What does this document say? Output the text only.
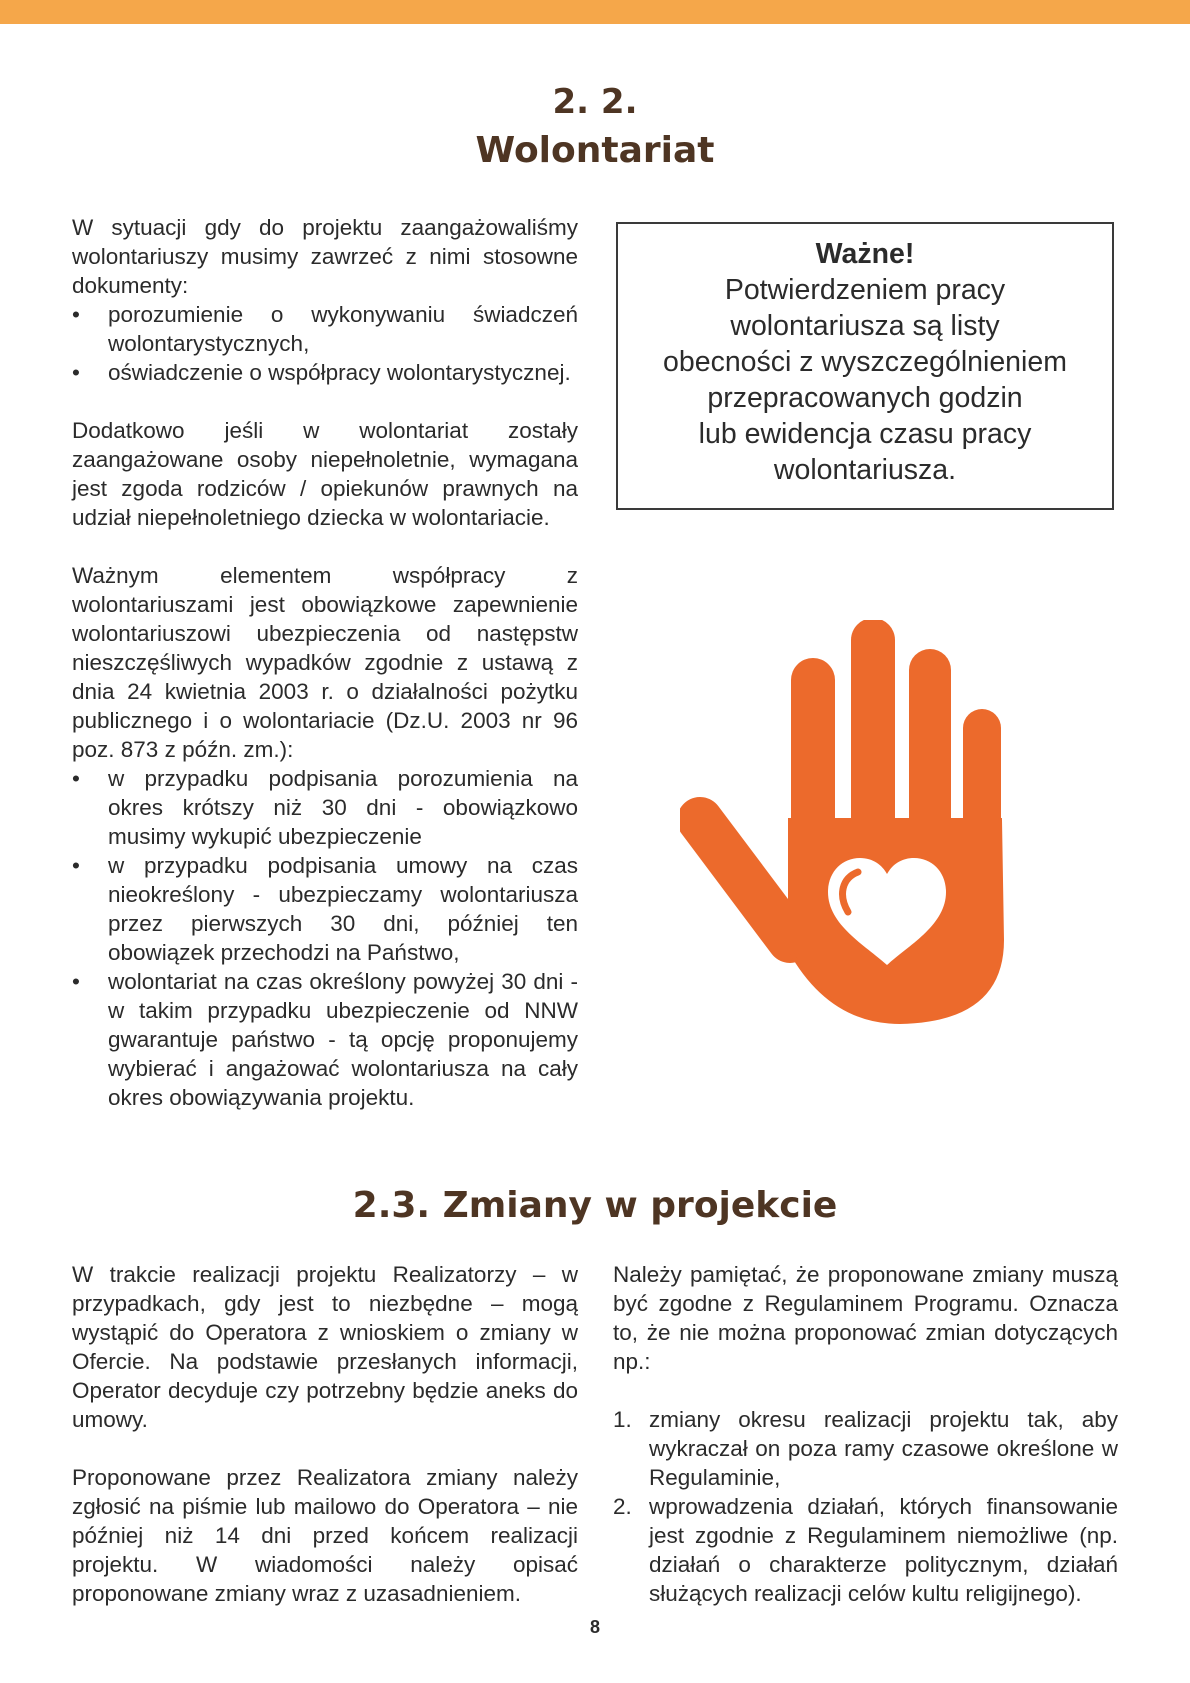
2. 2.
Wolontariat

W sytuacji gdy do projektu zaangażowaliśmy wolontariuszy musimy zawrzeć z nimi stosowne dokumenty:

• porozumienie o wykonywaniu świadczeń wolontarystycznych,
• oświadczenie o współpracy wolontarystycznej.

Dodatkowo jeśli w wolontariat zostały zaangażowane osoby niepełnoletnie, wymagana jest zgoda rodziców / opiekunów prawnych na udział niepełnoletniego dziecka w wolontariacie.

Ważnym elementem współpracy z wolontariuszami jest obowiązkowe zapewnienie wolontariuszowi ubezpieczenia od następstw nieszczęśliwych wypadków zgodnie z ustawą z dnia 24 kwietnia 2003 r. o działalności pożytku publicznego i o wolontariacie (Dz.U. 2003 nr 96 poz. 873 z późn. zm.):

• w przypadku podpisania porozumienia na okres krótszy niż 30 dni - obowiązkowo musimy wykupić ubezpieczenie
• w przypadku podpisania umowy na czas nieokreślony - ubezpieczamy wolontariusza przez pierwszych 30 dni, później ten obowiązek przechodzi na Państwo,
• wolontariat na czas określony powyżej 30 dni - w takim przypadku ubezpieczenie od NNW gwarantuje państwo - tą opcję proponujemy wybierać i angażować wolontariusza na cały okres obowiązywania projektu.
Ważne!
Potwierdzeniem pracy
wolontariusza są listy
obecności z wyszczególnieniem
przepracowanych godzin
lub ewidencja czasu pracy
wolontariusza.
2.3. Zmiany w projekcie

W trakcie realizacji projektu Realizatorzy – w przypadkach, gdy jest to niezbędne – mogą wystąpić do Operatora z wnioskiem o zmiany w Ofercie. Na podstawie przesłanych informacji, Operator decyduje czy potrzebny będzie aneks do umowy.

Proponowane przez Realizatora zmiany należy zgłosić na piśmie lub mailowo do Operatora – nie później niż 14 dni przed końcem realizacji projektu. W wiadomości należy opisać proponowane zmiany wraz z uzasadnieniem.

Należy pamiętać, że proponowane zmiany muszą być zgodne z Regulaminem Programu. Oznacza to, że nie można proponować zmian dotyczących np.:

1. zmiany okresu realizacji projektu tak, aby wykraczał on poza ramy czasowe określone w Regulaminie,
2. wprowadzenia działań, których finansowanie jest zgodnie z Regulaminem niemożliwe (np. działań o charakterze politycznym, działań służących realizacji celów kultu religijnego).
8
